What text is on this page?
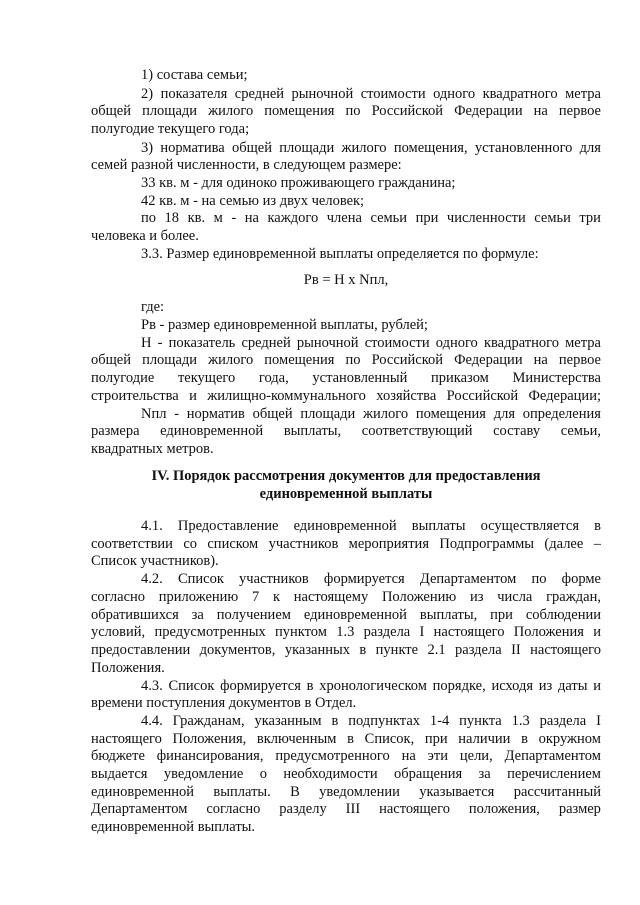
1) состава семьи;
2) показателя средней рыночной стоимости одного квадратного метра
общей площади жилого помещения по Российской Федерации на первое
полугодие текущего года;
3) норматива общей площади жилого помещения, установленного для
семей разной численности, в следующем размере:
33 кв. м - для одиноко проживающего гражданина;
42 кв. м - на семью из двух человек;
по 18 кв. м - на каждого члена семьи при численности семьи три
человека и более.
3.3. Размер единовременной выплаты определяется по формуле:
Рв = Н х Nпл,
где:
Рв - размер единовременной выплаты, рублей;
Н - показатель средней рыночной стоимости одного квадратного метра
общей площади жилого помещения по Российской Федерации на первое
полугодие текущего года, установленный приказом Министерства
строительства и жилищно-коммунального хозяйства Российской Федерации;
Nпл - норматив общей площади жилого помещения для определения
размера единовременной выплаты, соответствующий составу семьи,
квадратных метров.
IV. Порядок рассмотрения документов для предоставления
единовременной выплаты
4.1. Предоставление единовременной выплаты осуществляется в
соответствии со списком участников мероприятия Подпрограммы (далее –
Список участников).
4.2. Список участников формируется Департаментом по форме
согласно приложению 7 к настоящему Положению из числа граждан,
обратившихся за получением единовременной выплаты, при соблюдении
условий, предусмотренных пунктом 1.3 раздела I настоящего Положения и
предоставлении документов, указанных в пункте 2.1 раздела II настоящего
Положения.
4.3. Список формируется в хронологическом порядке, исходя из даты и
времени поступления документов в Отдел.
4.4. Гражданам, указанным в подпунктах 1-4 пункта 1.3 раздела I
настоящего Положения, включенным в Список, при наличии в окружном
бюджете финансирования, предусмотренного на эти цели, Департаментом
выдается уведомление о необходимости обращения за перечислением
единовременной выплаты. В уведомлении указывается рассчитанный
Департаментом согласно разделу III настоящего положения, размер
единовременной выплаты.
